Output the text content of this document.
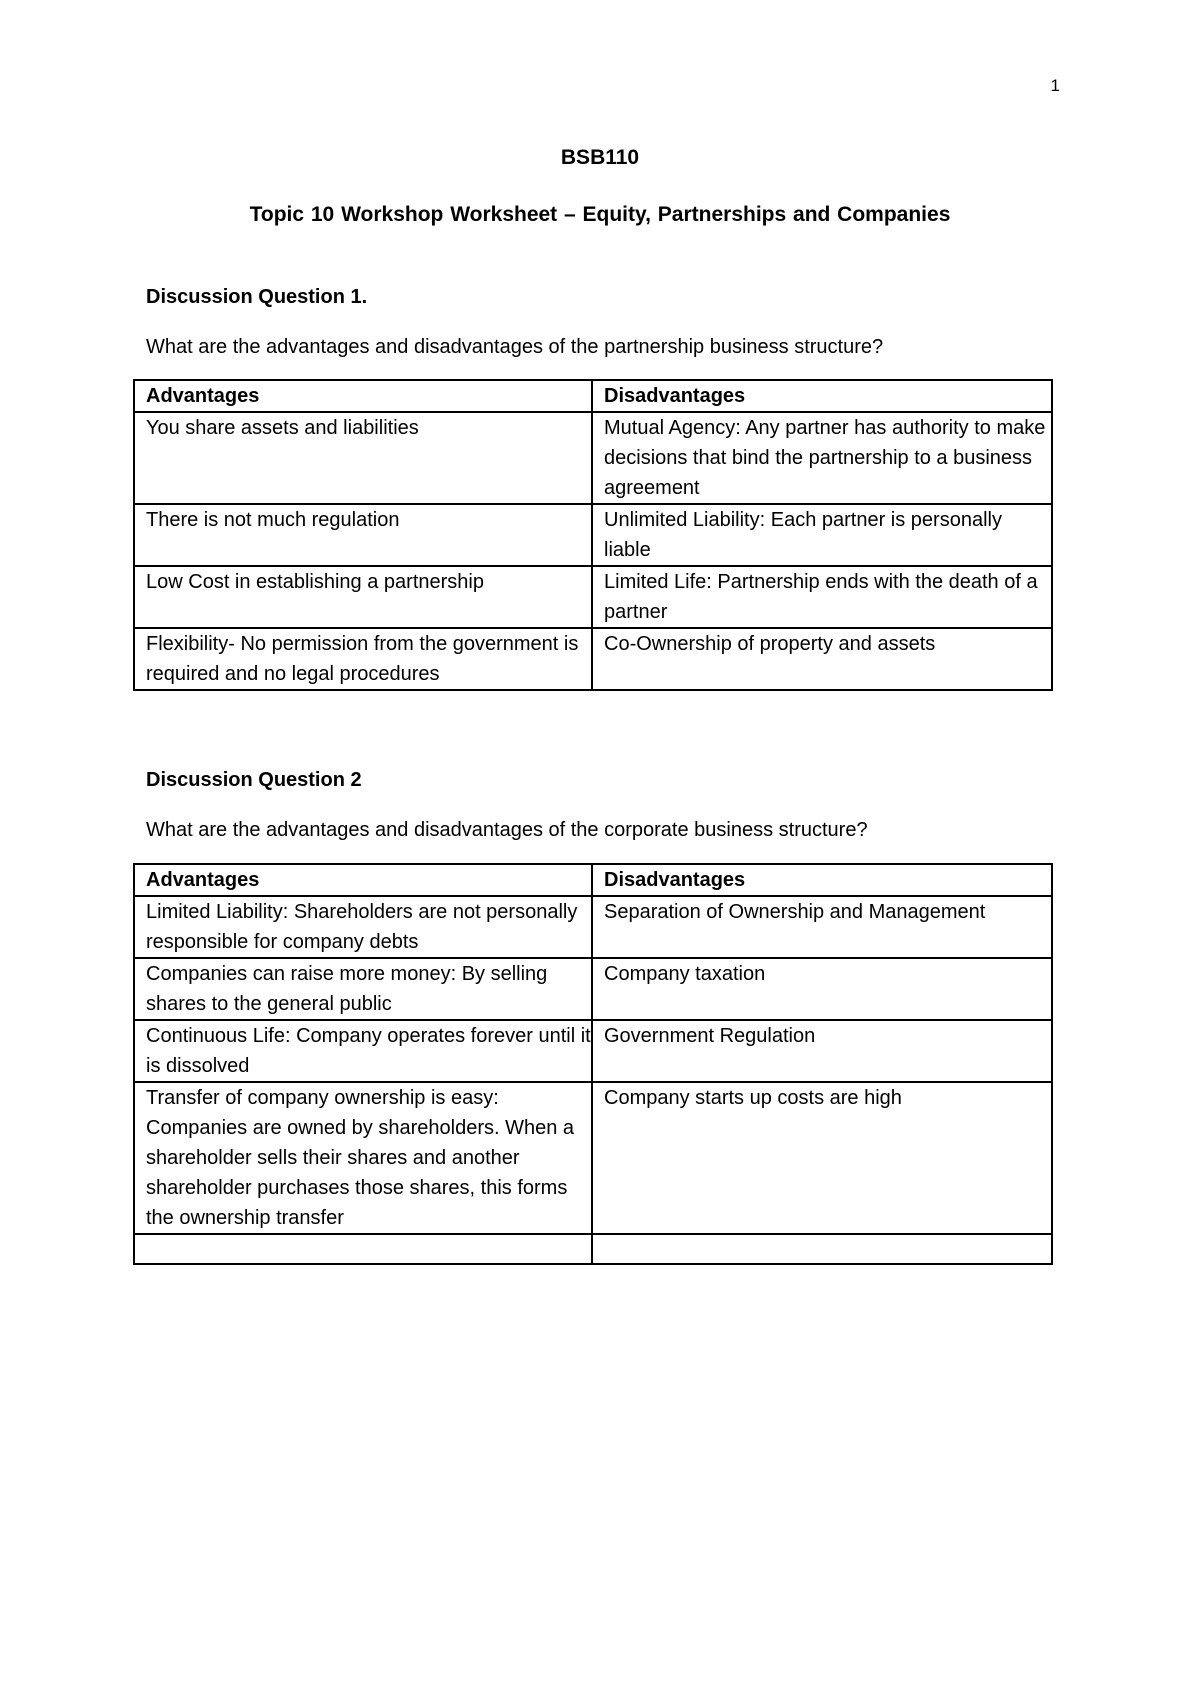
1
BSB110
Topic 10 Workshop Worksheet – Equity, Partnerships and Companies
Discussion Question 1.
What are the advantages and disadvantages of the partnership business structure?
Advantages	Disadvantages
You share assets and liabilities	Mutual Agency: Any partner has authority to make decisions that bind the partnership to a business agreement
There is not much regulation	Unlimited Liability: Each partner is personally liable
Low Cost in establishing a partnership	Limited Life: Partnership ends with the death of a partner
Flexibility- No permission from the government is required and no legal procedures	Co-Ownership of property and assets
Discussion Question 2
What are the advantages and disadvantages of the corporate business structure?
Advantages	Disadvantages
Limited Liability: Shareholders are not personally responsible for company debts	Separation of Ownership and Management
Companies can raise more money: By selling shares to the general public	Company taxation
Continuous Life: Company operates forever until it is dissolved	Government Regulation
Transfer of company ownership is easy: Companies are owned by shareholders. When a shareholder sells their shares and another shareholder purchases those shares, this forms the ownership transfer	Company starts up costs are high
